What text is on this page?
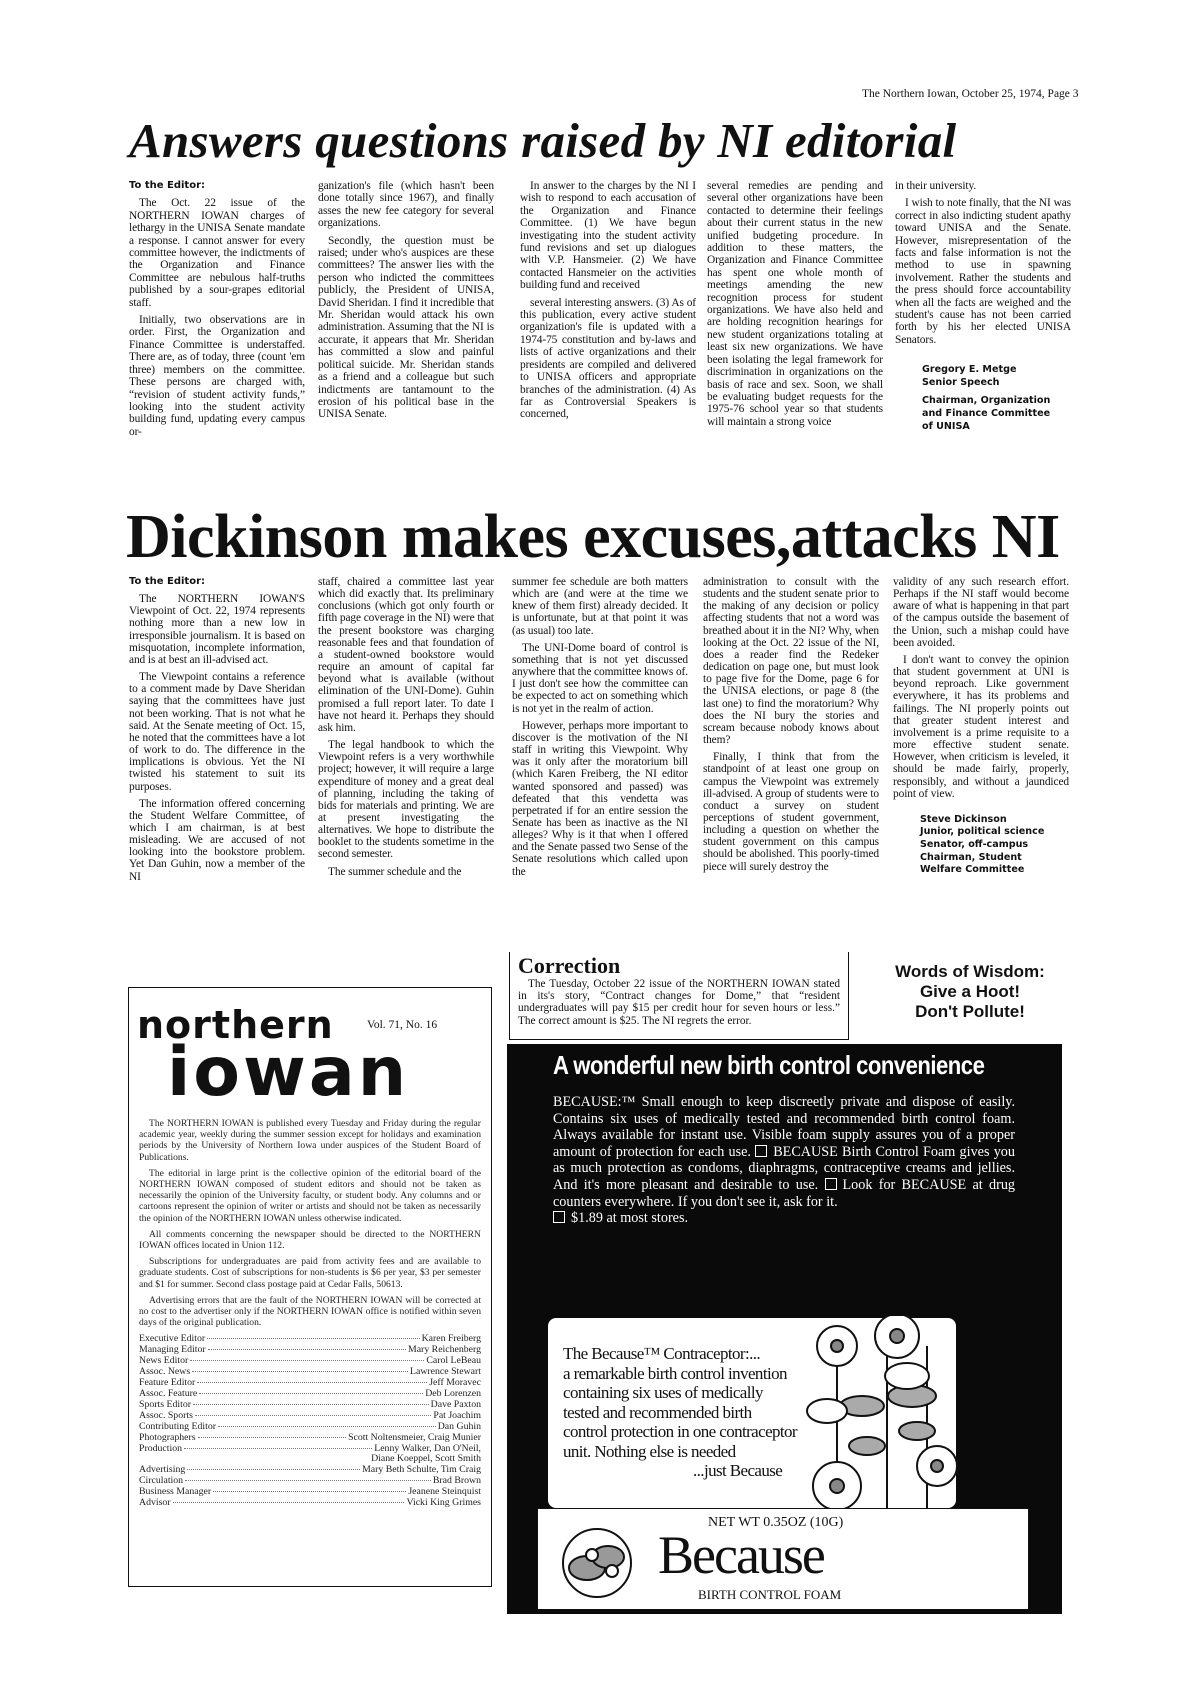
The Northern Iowan, October 25, 1974, Page 3
Answers questions raised by NI editorial
To the Editor:

The Oct. 22 issue of the NORTHERN IOWAN charges of lethargy in the UNISA Senate mandate a response. I cannot answer for every committee however, the indictments of the Organization and Finance Committee are nebulous half-truths published by a sour-grapes editorial staff.

Initially, two observations are in order. First, the Organization and Finance Committee is understaffed. There are, as of today, three (count 'em three) members on the committee. These persons are charged with, “revision of student activity funds,” looking into the student activity building fund, updating every campus or-

ganization's file (which hasn't been done totally since 1967), and finally asses the new fee category for several organizations.

Secondly, the question must be raised; under who's auspices are these committees? The answer lies with the person who indicted the committees publicly, the President of UNISA, David Sheridan. I find it incredible that Mr. Sheridan would attack his own administration. Assuming that the NI is accurate, it appears that Mr. Sheridan has committed a slow and painful political suicide. Mr. Sheridan stands as a friend and a colleague but such indictments are tantamount to the erosion of his political base in the UNISA Senate.

In answer to the charges by the NI I wish to respond to each accusation of the Organization and Finance Committee. (1) We have begun investigating into the student activity fund revisions and set up dialogues with V.P. Hansmeier. (2) We have contacted Hansmeier on the activities building fund and received

several interesting answers. (3) As of this publication, every active student organization's file is updated with a 1974-75 constitution and by-laws and lists of active organizations and their presidents are compiled and delivered to UNISA officers and appropriate branches of the administration. (4) As far as Controversial Speakers is concerned,

several remedies are pending and several other organizations have been contacted to determine their feelings about their current status in the new unified budgeting procedure. In addition to these matters, the Organization and Finance Committee has spent one whole month of meetings amending the new recognition process for student organizations. We have also held and are holding recognition hearings for new student organizations totaling at least six new organizations. We have been isolating the legal framework for discrimination in organizations on the basis of race and sex. Soon, we shall be evaluating budget requests for the 1975-76 school year so that students will maintain a strong voice

in their university.

I wish to note finally, that the NI was correct in also indicting student apathy toward UNISA and the Senate. However, misrepresentation of the facts and false information is not the method to use in spawning involvement. Rather the students and the press should force accountability when all the facts are weighed and the student's cause has not been carried forth by his her elected UNISA Senators.

Gregory E. Metge
Senior Speech
Chairman, Organization
and Finance Committee
of UNISA
Dickinson makes excuses,attacks NI
To the Editor:

The NORTHERN IOWAN'S Viewpoint of Oct. 22, 1974 represents nothing more than a new low in irresponsible journalism. It is based on misquotation, incomplete information, and is at best an ill-advised act.

The Viewpoint contains a reference to a comment made by Dave Sheridan saying that the committees have just not been working. That is not what he said. At the Senate meeting of Oct. 15, he noted that the committees have a lot of work to do. The difference in the implications is obvious. Yet the NI twisted his statement to suit its purposes.

The information offered concerning the Student Welfare Committee, of which I am chairman, is at best misleading. We are accused of not looking into the bookstore problem. Yet Dan Guhin, now a member of the NI

staff, chaired a committee last year which did exactly that. Its preliminary conclusions (which got only fourth or fifth page coverage in the NI) were that the present bookstore was charging reasonable fees and that foundation of a student-owned bookstore would require an amount of capital far beyond what is available (without elimination of the UNI-Dome). Guhin promised a full report later. To date I have not heard it. Perhaps they should ask him.

The legal handbook to which the Viewpoint refers is a very worthwhile project; however, it will require a large expenditure of money and a great deal of planning, including the taking of bids for materials and printing. We are at present investigating the alternatives. We hope to distribute the booklet to the students sometime in the second semester.

The summer schedule and the

summer fee schedule are both matters which are (and were at the time we knew of them first) already decided. It is unfortunate, but at that point it was (as usual) too late.

The UNI-Dome board of control is something that is not yet discussed anywhere that the committee knows of. I just don't see how the committee can be expected to act on something which is not yet in the realm of action.

However, perhaps more important to discover is the motivation of the NI staff in writing this Viewpoint. Why was it only after the moratorium bill (which Karen Freiberg, the NI editor wanted sponsored and passed) was defeated that this vendetta was perpetrated if for an entire session the Senate has been as inactive as the NI alleges? Why is it that when I offered and the Senate passed two Sense of the Senate resolutions which called upon the

administration to consult with the students and the student senate prior to the making of any decision or policy affecting students that not a word was breathed about it in the NI? Why, when looking at the Oct. 22 issue of the NI, does a reader find the Redeker dedication on page one, but must look to page five for the Dome, page 6 for the UNISA elections, or page 8 (the last one) to find the moratorium? Why does the NI bury the stories and scream because nobody knows about them?

Finally, I think that from the standpoint of at least one group on campus the Viewpoint was extremely ill-advised. A group of students were to conduct a survey on student perceptions of student government, including a question on whether the student government on this campus should be abolished. This poorly-timed piece will surely destroy the

validity of any such research effort. Perhaps if the NI staff would become aware of what is happening in that part of the campus outside the basement of the Union, such a mishap could have been avoided.

I don't want to convey the opinion that student government at UNI is beyond reproach. Like government everywhere, it has its problems and failings. The NI properly points out that greater student interest and involvement is a prime requisite to a more effective student senate. However, when criticism is leveled, it should be made fairly, properly, responsibly, and without a jaundiced point of view.

Steve Dickinson
Junior, political science
Senator, off-campus
Chairman, Student
Welfare Committee
Correction

The Tuesday, October 22 issue of the NORTHERN IOWAN stated in its's story, “Contract changes for Dome,” that “resident undergraduates will pay $15 per credit hour for seven hours or less.” The correct amount is $25. The NI regrets the error.

Words of Wisdom:
Give a Hoot!
Don't Pollute!
northern	Vol. 71, No. 16
iowan

The NORTHERN IOWAN is published every Tuesday and Friday during the regular academic year, weekly during the summer session except for holidays and examination periods by the University of Northern Iowa under auspices of the Student Board of Publications.

The editorial in large print is the collective opinion of the editorial board of the NORTHERN IOWAN composed of student editors and should not be taken as necessarily the opinion of the University faculty, or student body. Any columns and or cartoons represent the opinion of writer or artists and should not be taken as necessarily the opinion of the NORTHERN IOWAN unless otherwise indicated.

All comments concerning the newspaper should be directed to the NORTHERN IOWAN offices located in Union 112.

Subscriptions for undergraduates are paid from activity fees and are available to graduate students. Cost of subscriptions for non-students is $6 per year, $3 per semester and $1 for summer. Second class postage paid at Cedar Falls, 50613.

Advertising errors that are the fault of the NORTHERN IOWAN will be corrected at no cost to the advertiser only if the NORTHERN IOWAN office is notified within seven days of the original publication.

Executive Editor	Karen Freiberg
Managing Editor	Mary Reichenberg
News Editor	Carol LeBeau
Assoc. News	Lawrence Stewart
Feature Editor	Jeff Moravec
Assoc. Feature	Deb Lorenzen
Sports Editor	Dave Paxton
Assoc. Sports	Pat Joachim
Contributing Editor	Dan Guhin
Photographers	Scott Noltensmeier, Craig Munier
Production	Lenny Walker, Dan O'Neil,
Diane Koeppel, Scott Smith
Advertising	Mary Beth Schulte, Tim Craig
Circulation	Brad Brown
Business Manager	Jeanene Steinquist
Advisor	Vicki King Grimes
A wonderful new birth control convenience
BECAUSE:™ Small enough to keep discreetly private and dispose of easily. Contains six uses of medically tested and recommended birth control foam. Always available for instant use. Visible foam supply assures you of a proper amount of protection for each use. BECAUSE Birth Control Foam gives you as much protection as condoms, diaphragms, contraceptive creams and jellies. And it's more pleasant and desirable to use. Look for BECAUSE at drug counters everywhere. If you don't see it, ask for it.
$1.89 at most stores.
The Because™ Contraceptor:...
a remarkable birth control invention
containing six uses of medically
tested and recommended birth
control protection in one contraceptor
unit. Nothing else is needed
...just Because
NET WT 0.35OZ (10G)
Because
BIRTH CONTROL FOAM
